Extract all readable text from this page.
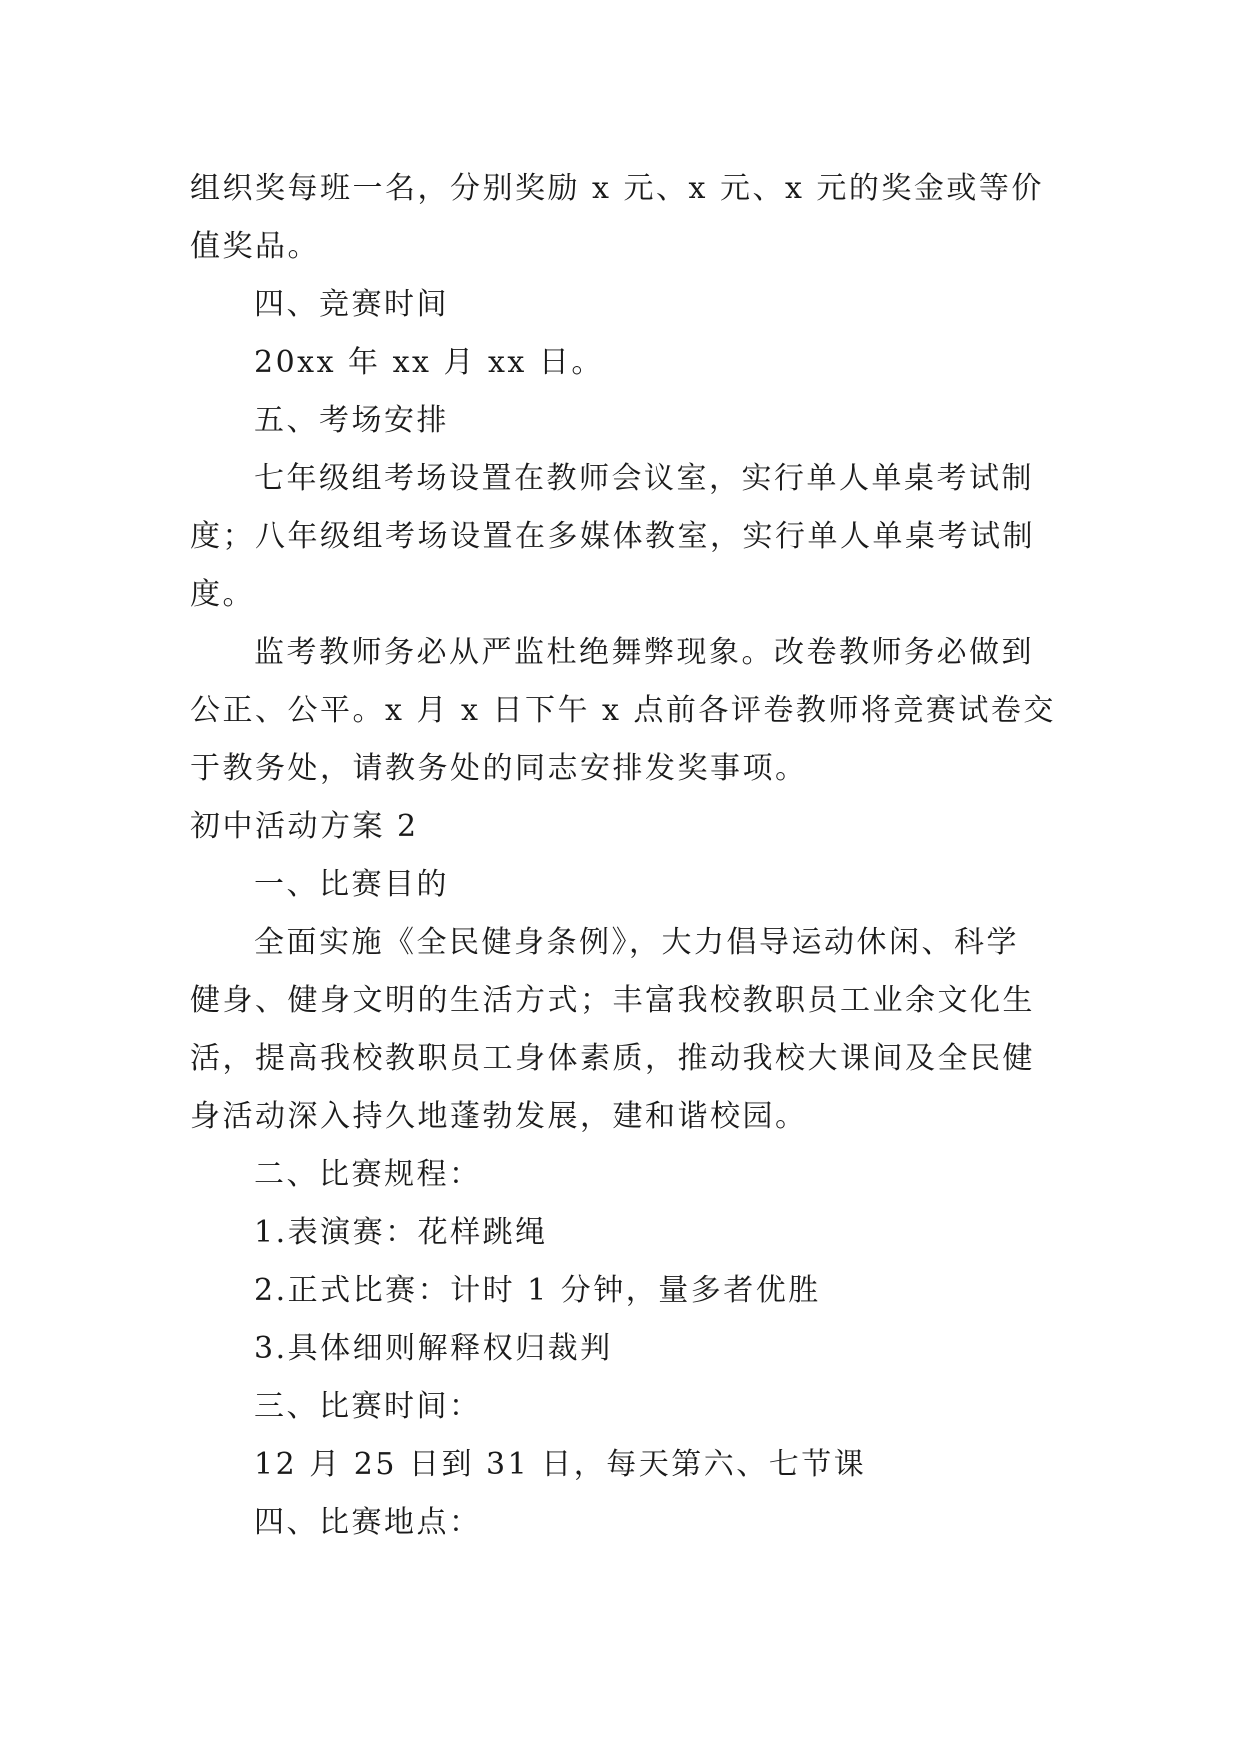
组织奖每班一名，分别奖励 x 元、x 元、x 元的奖金或等价
值奖品。
四、竞赛时间
20xx 年 xx 月 xx 日。
五、考场安排
七年级组考场设置在教师会议室，实行单人单桌考试制
度；八年级组考场设置在多媒体教室，实行单人单桌考试制
度。
监考教师务必从严监杜绝舞弊现象。改卷教师务必做到
公正、公平。x 月 x 日下午 x 点前各评卷教师将竞赛试卷交
于教务处，请教务处的同志安排发奖事项。
初中活动方案 2
一、比赛目的
全面实施《全民健身条例》，大力倡导运动休闲、科学
健身、健身文明的生活方式；丰富我校教职员工业余文化生
活，提高我校教职员工身体素质，推动我校大课间及全民健
身活动深入持久地蓬勃发展，建和谐校园。
二、比赛规程：
1.表演赛：花样跳绳
2.正式比赛：计时 1 分钟，量多者优胜
3.具体细则解释权归裁判
三、比赛时间：
12 月 25 日到 31 日，每天第六、七节课
四、比赛地点：
